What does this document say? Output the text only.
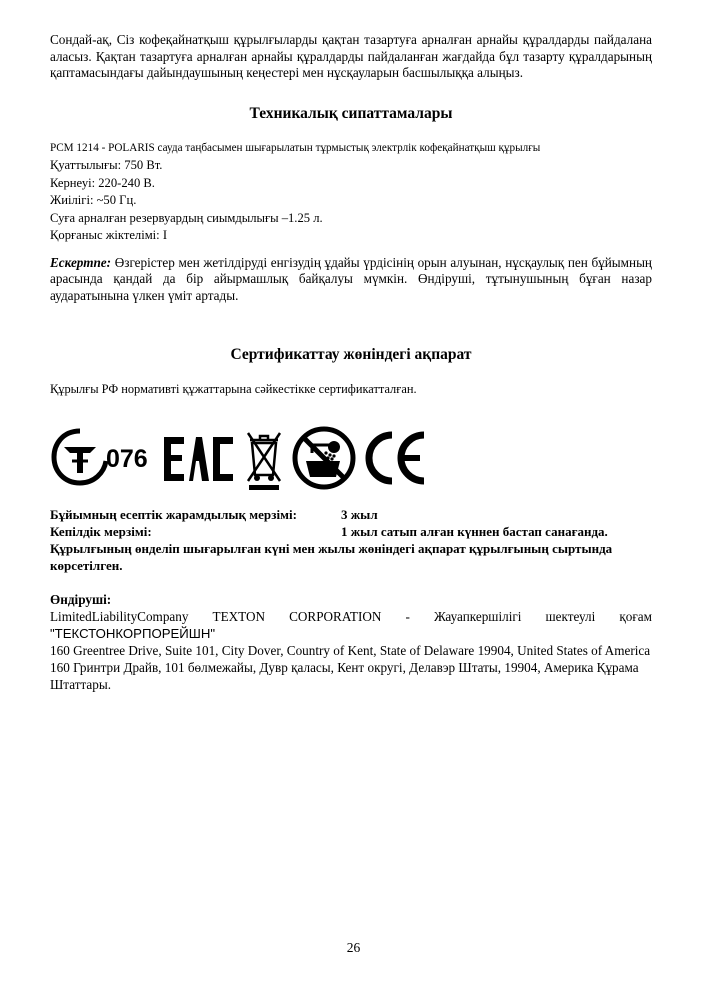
Сондай-ақ, Сіз кофеқайнатқыш құрылғыларды қақтан тазартуға арналған арнайы құралдарды пайдалана алаcыз. Қақтан тазартуға арналған арнайы құралдарды пайдаланған жағдайда бұл тазарту құралдарының қаптамасындағы дайындаушының кеңестері мен нұсқауларын басшылыққа алыңыз.

Техникалық сипаттамалары

PCM 1214 - POLARIS сауда таңбасымен шығарылатын тұрмыстық электрлік кофеқайнатқыш құрылғы

Қуаттылығы: 750 Вт.

Кернеуі: 220-240 В.

Жиілігі: ~50 Гц.

Суға арналған резервуардың сиымдылығы –1.25 л.

Қорғаныс жіктелімі: I

Ескертпе: Өзгерістер мен жетілдіруді енгізудің ұдайы үрдісінің орын алуынан, нұсқаулық пен бұйымның арасында қандай да бір айырмашлық байқалуы мүмкін. Өндіруші, тұтынушының бұған назар аударатынына үлкен үміт артады.

Сертификаттау жөніндегі ақпарат

Құрылғы РФ нормативті құжаттарына сәйкестікке сертификатталған.

076
EAC	CE

Бұйымның есептік жарамдылық мерзімі:	3 жыл

Кепілдік мерзімі:	1 жыл сатып алған күннен бастап санағанда.

Құрылғының өнделіп шығарылған күні мен жылы жөніндегі ақпарат құрылғының сыртында көрсетілген.

Өндіруші:

LimitedLiabilityCompany TEXTON CORPORATION - Жауапкершілігі шектеулі қоғам

"ТЕКСТОНКОРПОРЕЙШН"

160 Greentree Drive, Suite 101, City Dover, Country of Kent, State of Delaware 19904, United States of America

160 Гринтри Драйв, 101 бөлмежайы, Дувр қаласы, Кент округі, Делавэр Штаты, 19904, Америка Құрама Штаттары.

26
